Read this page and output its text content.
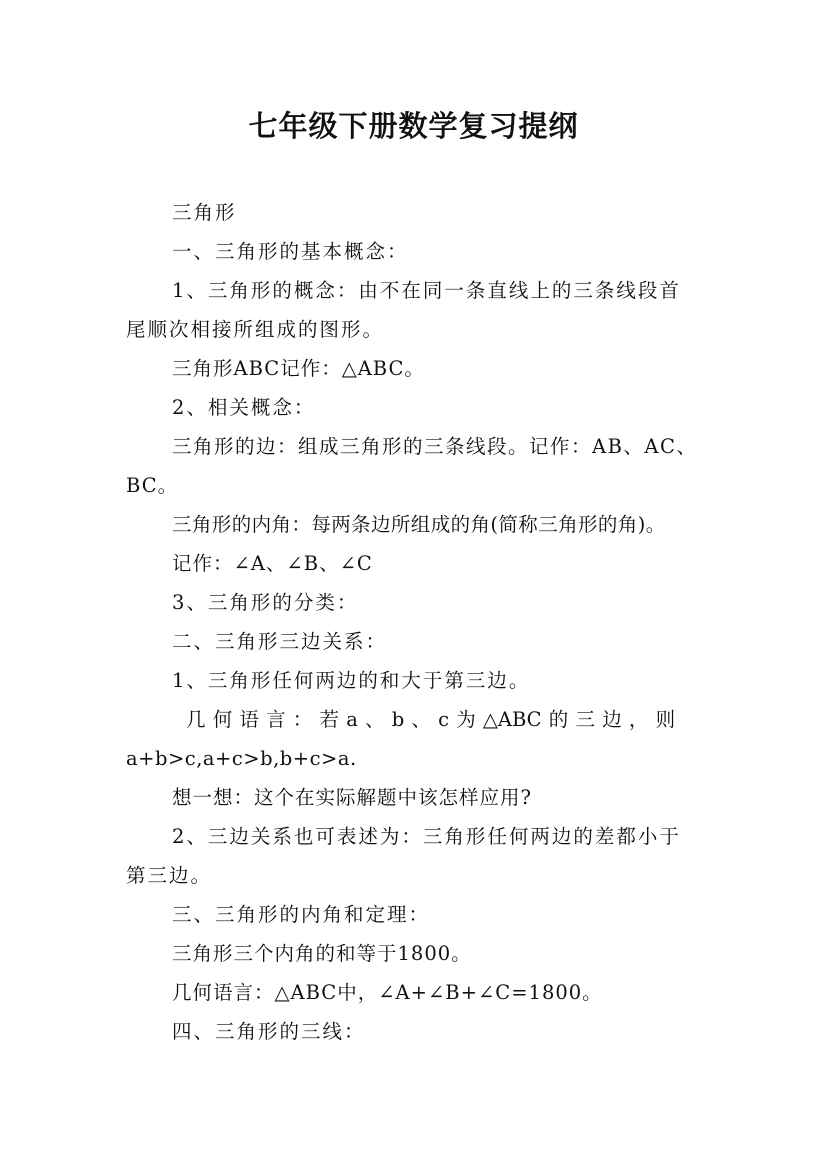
七年级下册数学复习提纲
三角形
一、三角形的基本概念：
1、三角形的概念：由不在同一条直线上的三条线段首
尾顺次相接所组成的图形。
三角形ABC记作：△ABC。
2、相关概念：
三角形的边：组成三角形的三条线段。记作：AB、AC、
BC。
三角形的内角：每两条边所组成的角(简称三角形的角)。
记作：∠A、∠B、∠C
3、三角形的分类：
二、三角形三边关系：
1、三角形任何两边的和大于第三边。
几 何 语 言 ： 若 a 、 b 、 c 为 △ABC 的 三 边 ， 则
a+b>c,a+c>b,b+c>a.
想一想：这个在实际解题中该怎样应用?
2、三边关系也可表述为：三角形任何两边的差都小于
第三边。
三、三角形的内角和定理：
三角形三个内角的和等于1800。
几何语言：△ABC中，∠A+∠B+∠C=1800。
四、三角形的三线：
